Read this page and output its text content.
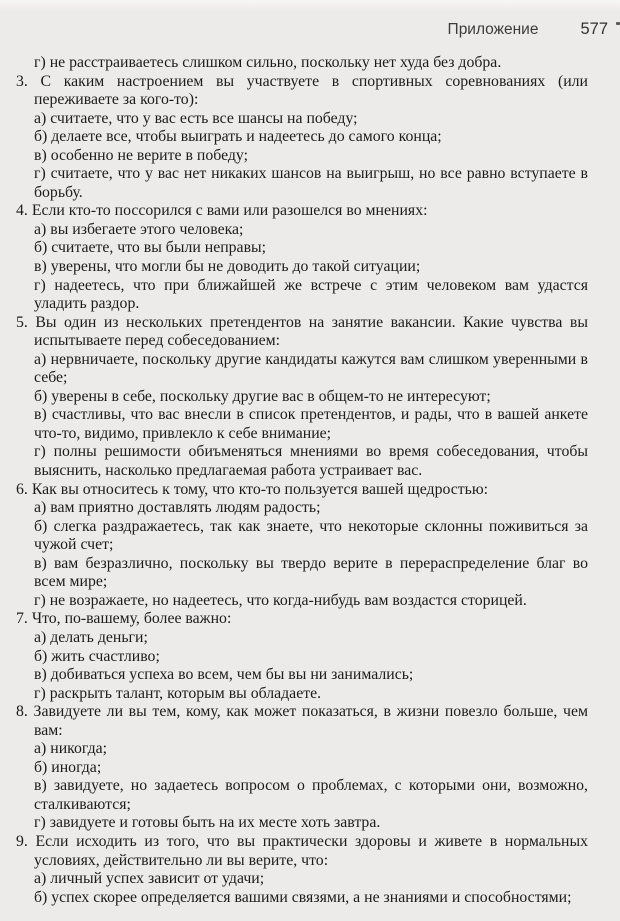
Приложение	577

г) не расстраиваетесь слишком сильно, поскольку нет худа без добра.

3. С каким настроением вы участвуете в спортивных соревнованиях (или переживаете за кого-то):

а) считаете, что у вас есть все шансы на победу;

б) делаете все, чтобы выиграть и надеетесь до самого конца;

в) особенно не верите в победу;

г) считаете, что у вас нет никаких шансов на выигрыш, но все равно вступаете в борьбу.

4. Если кто-то поссорился с вами или разошелся во мнениях:

а) вы избегаете этого человека;

б) считаете, что вы были неправы;

в) уверены, что могли бы не доводить до такой ситуации;

г) надеетесь, что при ближайшей же встрече с этим человеком вам удастся уладить раздор.

5. Вы один из нескольких претендентов на занятие вакансии. Какие чувства вы испытываете перед собеседованием:

а) нервничаете, поскольку другие кандидаты кажутся вам слишком уверенными в себе;

б) уверены в себе, поскольку другие вас в общем-то не интересуют;

в) счастливы, что вас внесли в список претендентов, и рады, что в вашей анкете что-то, видимо, привлекло к себе внимание;

г) полны решимости обиъменяться мнениями во время собеседования, чтобы выяснить, насколько предлагаемая работа устраивает вас.

6. Как вы относитесь к тому, что кто-то пользуется вашей щедростью:

а) вам приятно доставлять людям радость;

б) слегка раздражаетесь, так как знаете, что некоторые склонны поживиться за чужой счет;

в) вам безразлично, поскольку вы твердо верите в перераспределение благ во всем мире;

г) не возражаете, но надеетесь, что когда-нибудь вам воздастся сторицей.

7. Что, по-вашему, более важно:

а) делать деньги;

б) жить счастливо;

в) добиваться успеха во всем, чем бы вы ни занимались;

г) раскрыть талант, которым вы обладаете.

8. Завидуете ли вы тем, кому, как может показаться, в жизни повезло больше, чем вам:

а) никогда;

б) иногда;

в) завидуете, но задаетесь вопросом о проблемах, с которыми они, возможно, сталкиваются;

г) завидуете и готовы быть на их месте хоть завтра.

9. Если исходить из того, что вы практически здоровы и живете в нормальных условиях, действительно ли вы верите, что:

а) личный успех зависит от удачи;

б) успех скорее определяется вашими связями, а не знаниями и способностями;
